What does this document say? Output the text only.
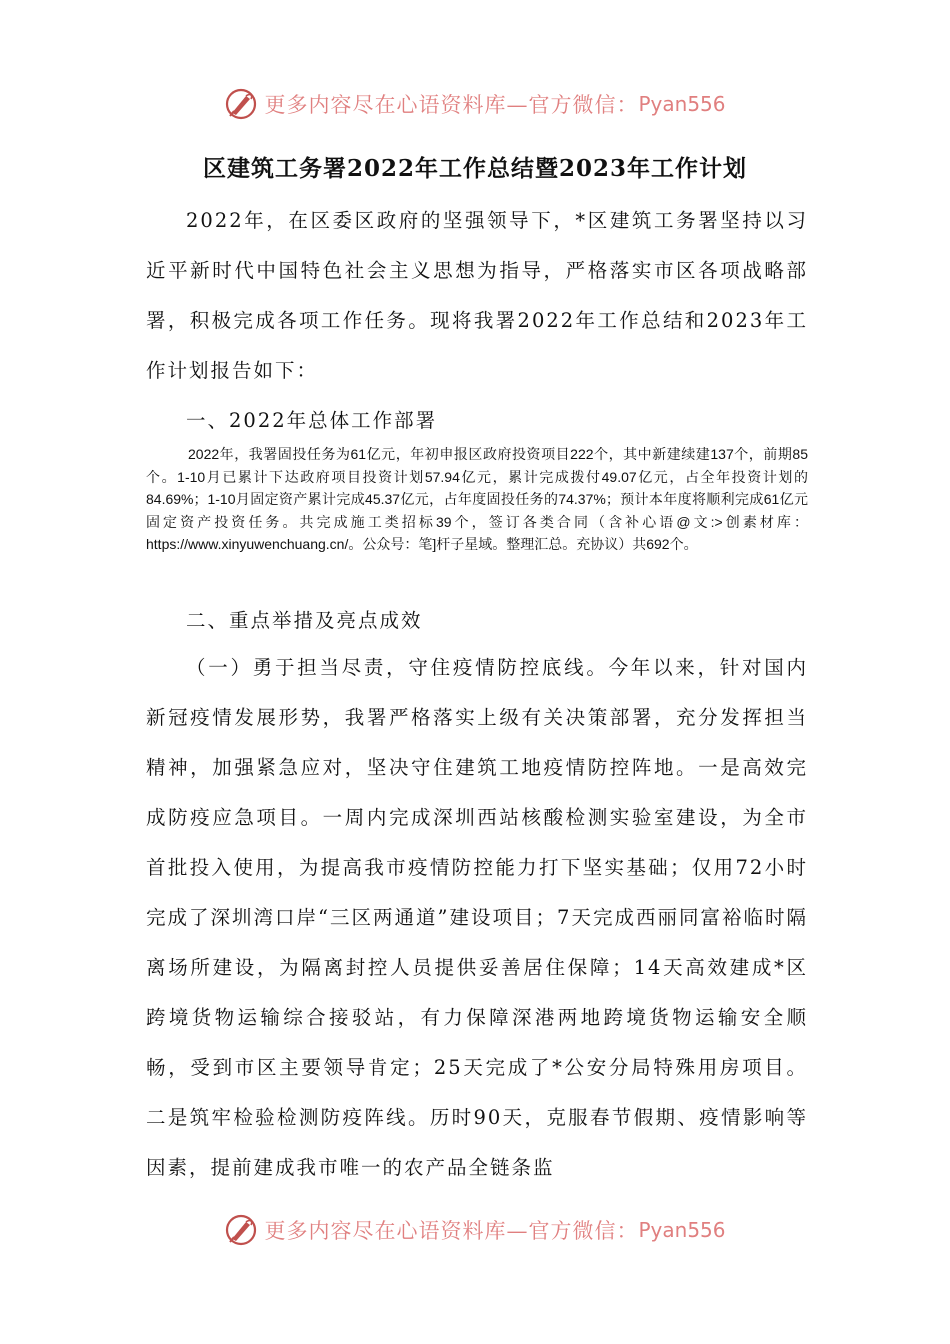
更多内容尽在心语资料库—官方微信： Pyan556
区建筑工务署2022年工作总结暨2023年工作计划

2022年，在区委区政府的坚强领导下，*区建筑工务署坚持以习近平新时代中国特色社会主义思想为指导，严格落实市区各项战略部署，积极完成各项工作任务。现将我署2022年工作总结和2023年工作计划报告如下：

一、2022年总体工作部署

2022年，我署固投任务为61亿元，年初申报区政府投资项目222个，其中新建续建137个，前期85个。1-10月已累计下达政府项目投资计划57.94亿元，累计完成拨付49.07亿元，占全年投资计划的84.69%；1-10月固定资产累计完成45.37亿元，占年度固投任务的74.37%；预计本年度将顺利完成61亿元固定资产投资任务。共完成施工类招标39个，签订各类合同（含补心语@文:>创素材库：https://www.xinyuwenchuang.cn/。公众号：笔]杆子星域。整理汇总。充协议）共692个。

二、重点举措及亮点成效

（一）勇于担当尽责，守住疫情防控底线。今年以来，针对国内新冠疫情发展形势，我署严格落实上级有关决策部署，充分发挥担当精神，加强紧急应对，坚决守住建筑工地疫情防控阵地。一是高效完成防疫应急项目。一周内完成深圳西站核酸检测实验室建设，为全市首批投入使用，为提高我市疫情防控能力打下坚实基础；仅用72小时完成了深圳湾口岸“三区两通道”建设项目；7天完成西丽同富裕临时隔离场所建设，为隔离封控人员提供妥善居住保障；14天高效建成*区跨境货物运输综合接驳站，有力保障深港两地跨境货物运输安全顺畅，受到市区主要领导肯定；25天完成了*公安分局特殊用房项目。二是筑牢检验检测防疫阵线。历时90天，克服春节假期、疫情影响等因素，提前建成我市唯一的农产品全链条监

更多内容尽在心语资料库—官方微信： Pyan556
